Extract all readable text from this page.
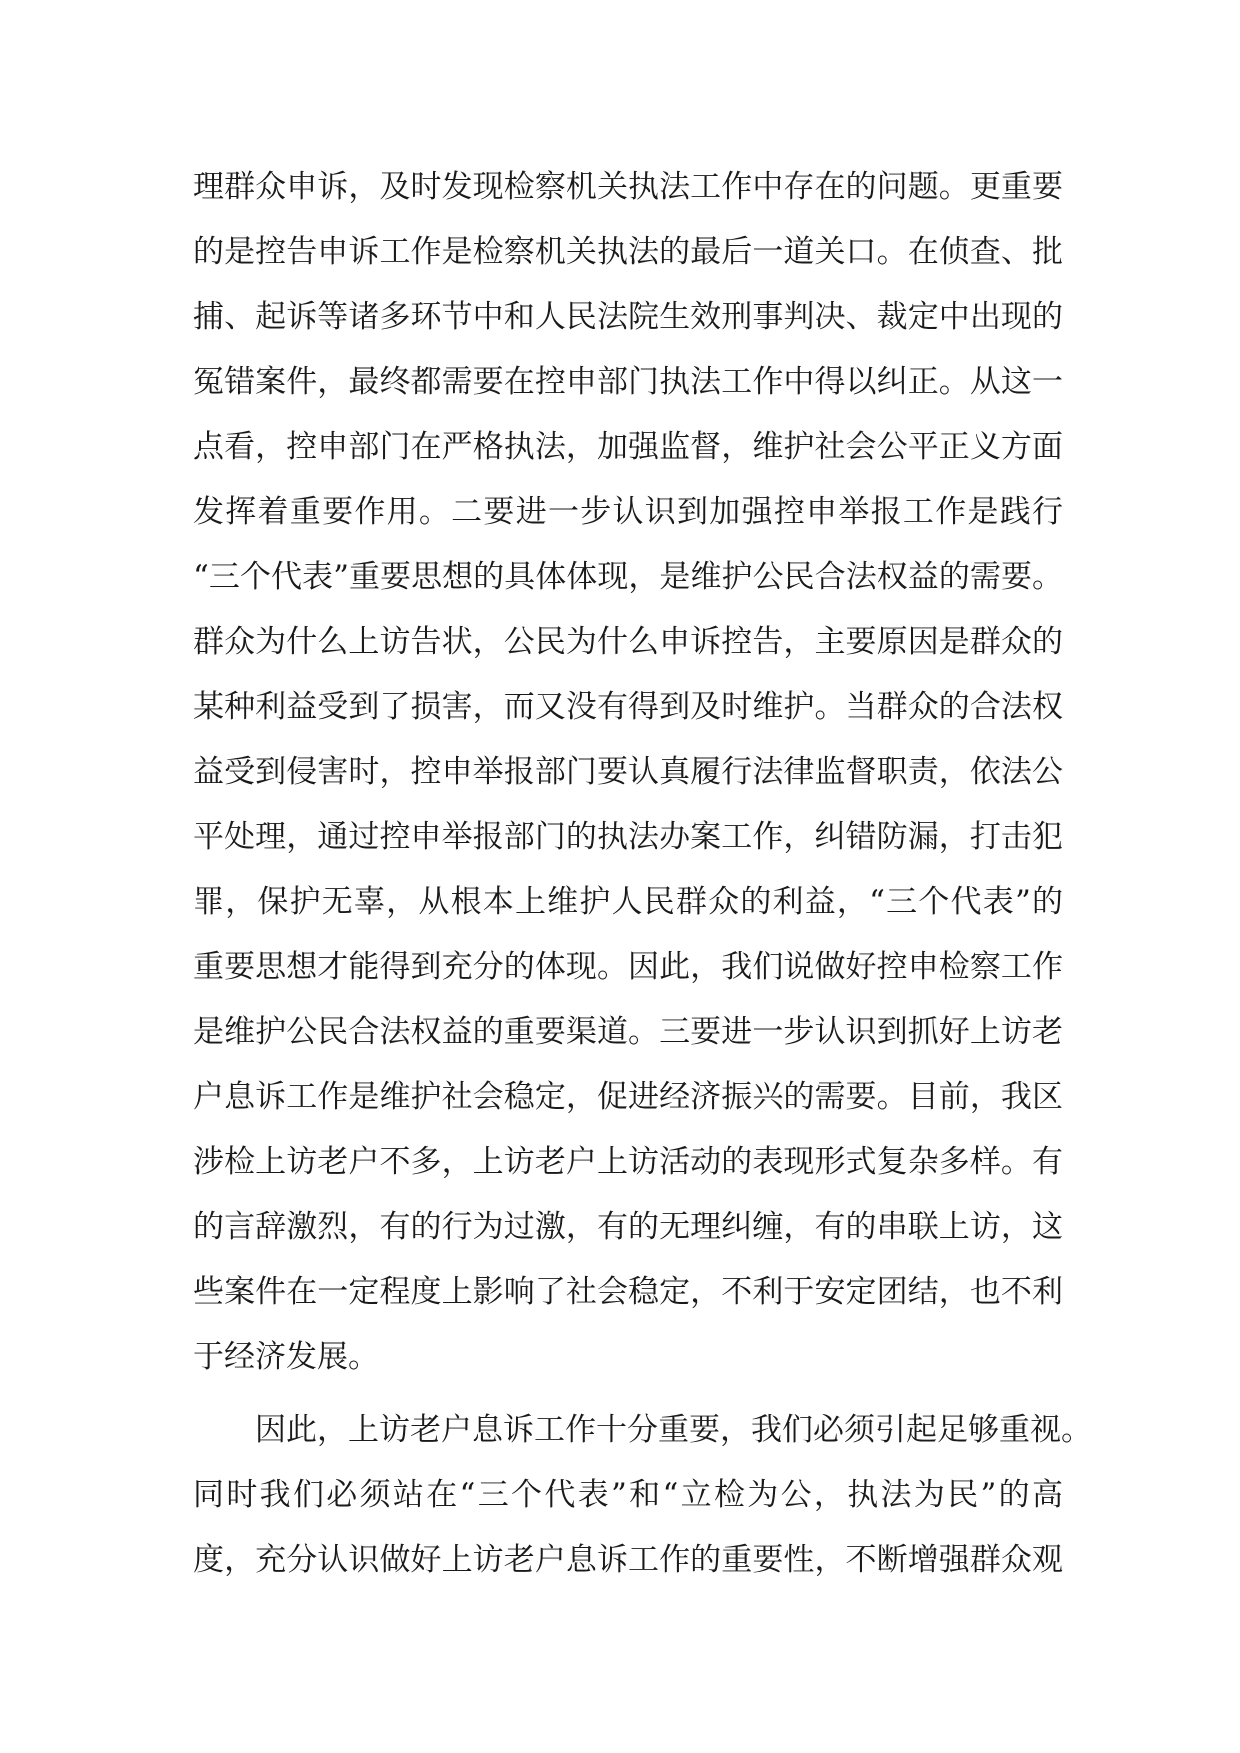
理群众申诉，及时发现检察机关执法工作中存在的问题。更重要
的是控告申诉工作是检察机关执法的最后一道关口。在侦查、批
捕、起诉等诸多环节中和人民法院生效刑事判决、裁定中出现的
冤错案件，最终都需要在控申部门执法工作中得以纠正。从这一
点看，控申部门在严格执法，加强监督，维护社会公平正义方面
发挥着重要作用。二要进一步认识到加强控申举报工作是践行
“三个代表”重要思想的具体体现，是维护公民合法权益的需要。
群众为什么上访告状，公民为什么申诉控告，主要原因是群众的
某种利益受到了损害，而又没有得到及时维护。当群众的合法权
益受到侵害时，控申举报部门要认真履行法律监督职责，依法公
平处理，通过控申举报部门的执法办案工作，纠错防漏，打击犯
罪，保护无辜，从根本上维护人民群众的利益，“三个代表”的
重要思想才能得到充分的体现。因此，我们说做好控申检察工作
是维护公民合法权益的重要渠道。三要进一步认识到抓好上访老
户息诉工作是维护社会稳定，促进经济振兴的需要。目前，我区
涉检上访老户不多，上访老户上访活动的表现形式复杂多样。有
的言辞激烈，有的行为过激，有的无理纠缠，有的串联上访，这
些案件在一定程度上影响了社会稳定，不利于安定团结，也不利
于经济发展。
因此，上访老户息诉工作十分重要，我们必须引起足够重视。
同时我们必须站在“三个代表”和“立检为公，执法为民”的高
度，充分认识做好上访老户息诉工作的重要性，不断增强群众观
